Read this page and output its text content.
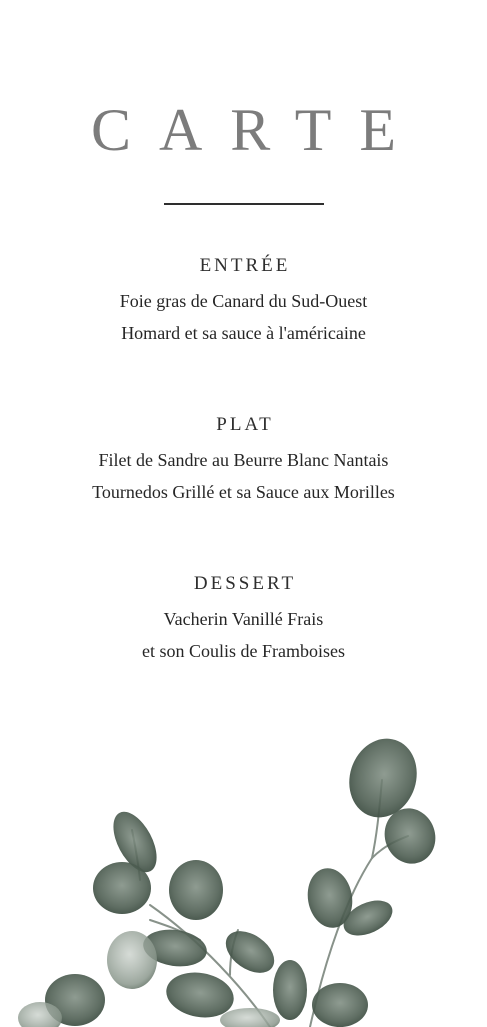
CARTE
ENTRÉE
Foie gras de Canard du Sud-Ouest
Homard et sa sauce à l'américaine
PLAT
Filet de Sandre au Beurre Blanc Nantais
Tournedos Grillé et sa Sauce aux Morilles
DESSERT
Vacherin Vanillé Frais
et son Coulis de Framboises
